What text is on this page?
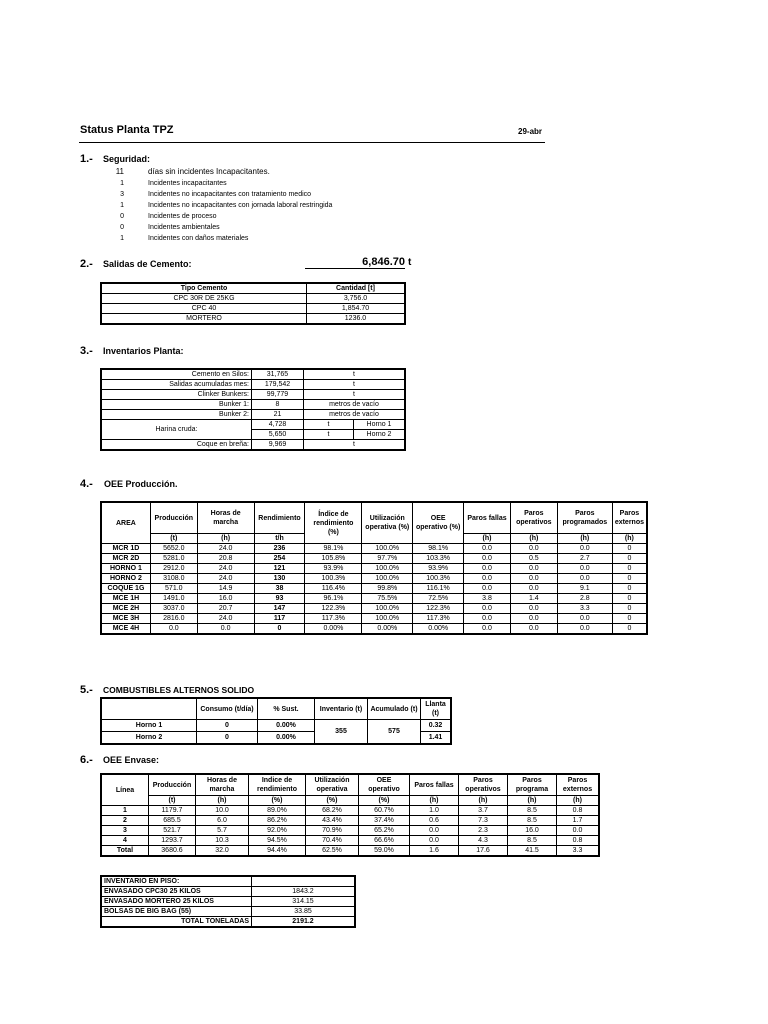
Status Planta TPZ	29-abr
1.- Seguridad:
11	días sin incidentes Incapacitantes.
1	Incidentes incapacitantes
3	Incidentes no incapacitantes con tratamiento medico
1	Incidentes no incapacitantes con jornada laboral restringida
0	Incidentes de proceso
0	Incidentes ambientales
1	Incidentes con daños materiales
2.- Salidas de Cemento:	6,846.70 t
Tipo Cemento	Cantidad [t]
CPC 30R DE 25KG	3,756.0
CPC 40	1,854.70
MORTERO	1236.0
3.- Inventarios Planta:
Cemento en Silos:	31,765	t	
Salidas acumuladas mes:	179,542	t	
Clinker Bunkers:	99,779	t	
Bunker 1:	8	metros de vacío	
Bunker 2:	21	metros de vacío	
Harina cruda:	4,728	t	Horno 1
	5,650	t	Horno 2
Coque en breña:	9,969	t	
4.- OEE Producción.
AREA	Producción	Horas de marcha	Rendimiento	Índice de rendimiento (%)	Utilización operativa (%)	OEE operativo (%)	Paros fallas	Paros operativos	Paros programados	Paros externos
	(t)	(h)	t/h				(h)	(h)	(h)	(h)
MCR 1D	5652.0	24.0	236	98.1%	100.0%	98.1%	0.0	0.0	0.0	0
MCR 2D	5281.0	20.8	254	105.8%	97.7%	103.3%	0.0	0.5	2.7	0
HORNO 1	2912.0	24.0	121	93.9%	100.0%	93.9%	0.0	0.0	0.0	0
HORNO 2	3108.0	24.0	130	100.3%	100.0%	100.3%	0.0	0.0	0.0	0
COQUE 1G	571.0	14.9	38	116.4%	99.8%	116.1%	0.0	0.0	9.1	0
MCE 1H	1491.0	16.0	93	96.1%	75.5%	72.5%	3.8	1.4	2.8	0
MCE 2H	3037.0	20.7	147	122.3%	100.0%	122.3%	0.0	0.0	3.3	0
MCE 3H	2816.0	24.0	117	117.3%	100.0%	117.3%	0.0	0.0	0.0	0
MCE 4H	0.0	0.0	0	0.00%	0.00%	0.00%	0.0	0.0	0.0	0
5.- COMBUSTIBLES ALTERNOS SOLIDO
	Consumo (t/día)	% Sust.	Inventario (t)	Acumulado (t)	Llanta (t)
Horno 1	0	0.00%	355	575	0.32
Horno 2	0	0.00%			1.41
6.- OEE Envase:
Línea	Producción	Horas de marcha	Indice de rendimiento	Utilización operativa	OEE operativo	Paros fallas	Paros operativos	Paros programa	Paros externos
	(t)	(h)	(%)	(%)	(%)	(h)	(h)	(h)	(h)
1	1179.7	10.0	89.0%	68.2%	60.7%	1.0	3.7	8.5	0.8
2	685.5	6.0	86.2%	43.4%	37.4%	0.6	7.3	8.5	1.7
3	521.7	5.7	92.0%	70.9%	65.2%	0.0	2.3	16.0	0.0
4	1293.7	10.3	94.5%	70.4%	66.6%	0.0	4.3	8.5	0.8
Total	3680.6	32.0	94.4%	62.5%	59.0%	1.6	17.6	41.5	3.3
INVENTARIO EN PISO:	
ENVASADO CPC30 25 KILOS	1843.2
ENVASADO MORTERO 25 KILOS	314.15
BOLSAS DE BIG BAG (55)	33.85
TOTAL TONELADAS	2191.2
